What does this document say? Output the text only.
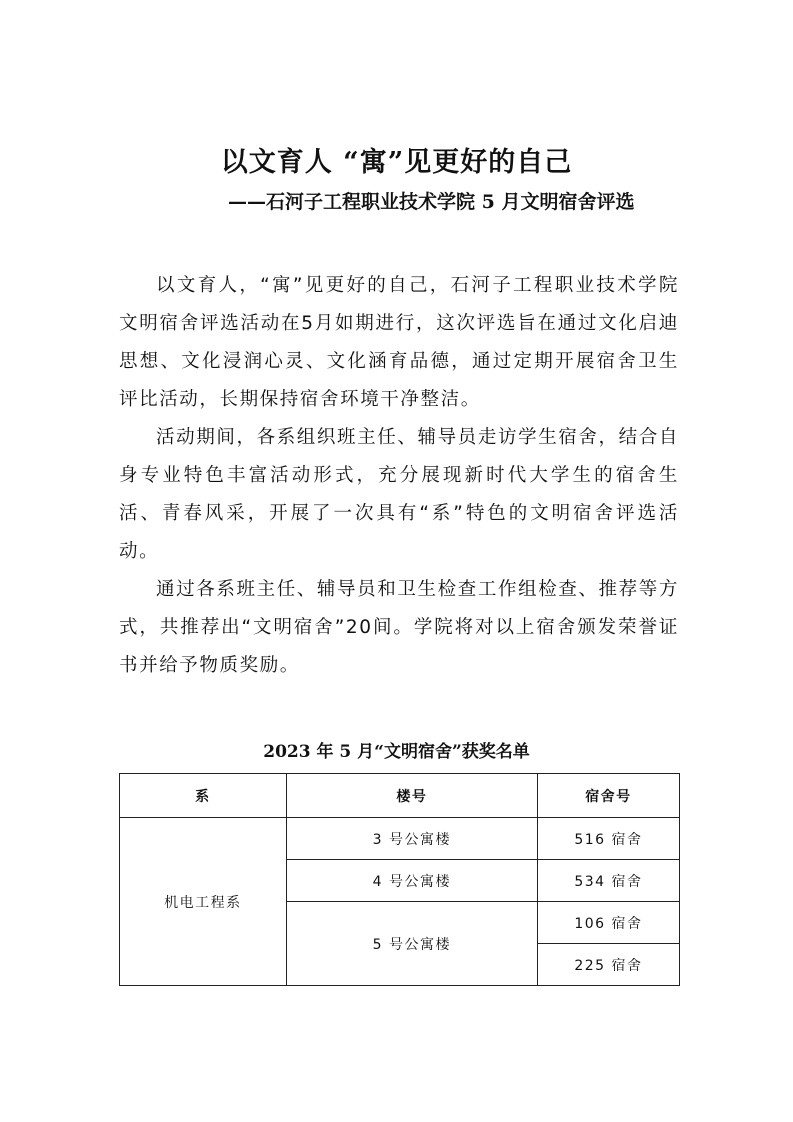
以文育人 “寓”见更好的自己
——石河子工程职业技术学院 5 月文明宿舍评选

以文育人，“寓”见更好的自己，石河子工程职业技术学院文明宿舍评选活动在5月如期进行，这次评选旨在通过文化启迪思想、文化浸润心灵、文化涵育品德，通过定期开展宿舍卫生评比活动，长期保持宿舍环境干净整洁。

活动期间，各系组织班主任、辅导员走访学生宿舍，结合自身专业特色丰富活动形式，充分展现新时代大学生的宿舍生活、青春风采，开展了一次具有“系”特色的文明宿舍评选活动。

通过各系班主任、辅导员和卫生检查工作组检查、推荐等方式，共推荐出“文明宿舍”20间。学院将对以上宿舍颁发荣誉证书并给予物质奖励。

2023 年 5 月“文明宿舍”获奖名单
系	楼号	宿舍号
机电工程系	3 号公寓楼	516 宿舍
	4 号公寓楼	534 宿舍
	5 号公寓楼	106 宿舍
		225 宿舍
